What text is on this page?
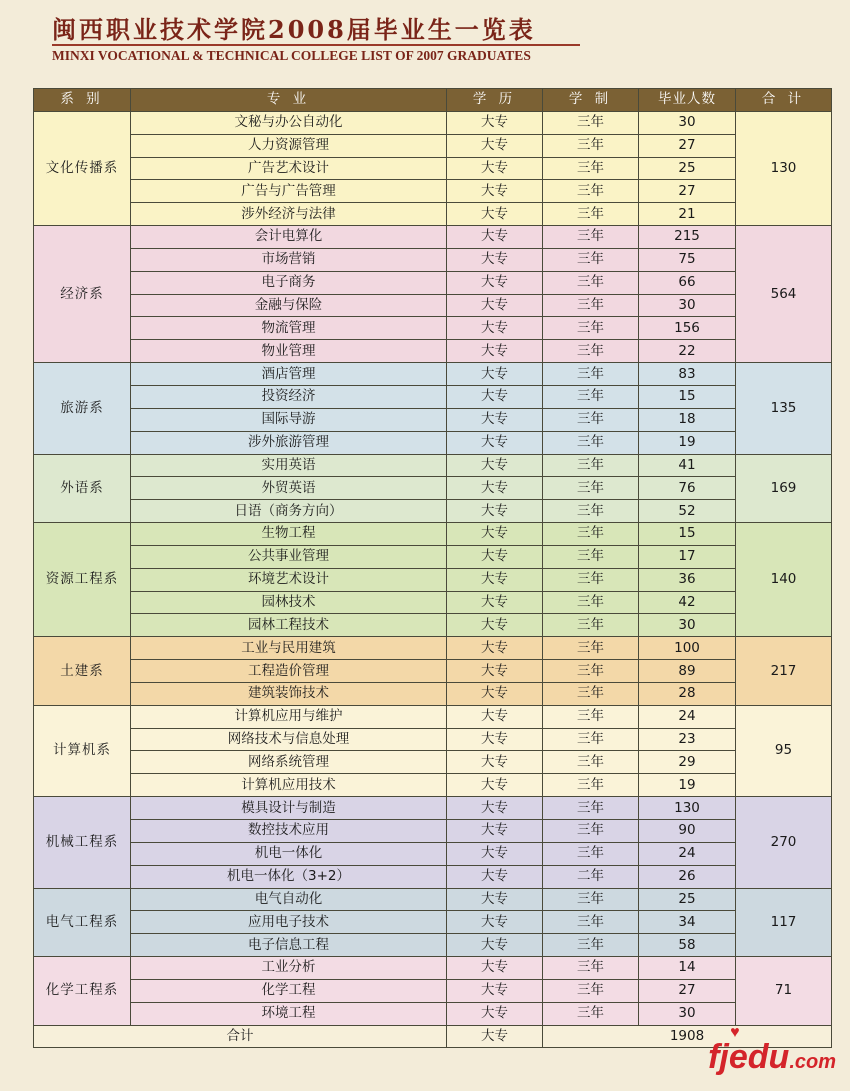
闽西职业技术学院2008届毕业生一览表
MINXI VOCATIONAL & TECHNICAL COLLEGE LIST OF 2007 GRADUATES
系 别	专 业	学 历	学 制	毕业人数	合 计
文化传播系	文秘与办公自动化	大专	三年	30	130
	人力资源管理	大专	三年	27	
	广告艺术设计	大专	三年	25	
	广告与广告管理	大专	三年	27	
	涉外经济与法律	大专	三年	21	
经济系	会计电算化	大专	三年	215	564
	市场营销	大专	三年	75	
	电子商务	大专	三年	66	
	金融与保险	大专	三年	30	
	物流管理	大专	三年	156	
	物业管理	大专	三年	22	
旅游系	酒店管理	大专	三年	83	135
	投资经济	大专	三年	15	
	国际导游	大专	三年	18	
	涉外旅游管理	大专	三年	19	
外语系	实用英语	大专	三年	41	169
	外贸英语	大专	三年	76	
	日语（商务方向）	大专	三年	52	
资源工程系	生物工程	大专	三年	15	140
	公共事业管理	大专	三年	17	
	环境艺术设计	大专	三年	36	
	园林技术	大专	三年	42	
	园林工程技术	大专	三年	30	
土建系	工业与民用建筑	大专	三年	100	217
	工程造价管理	大专	三年	89	
	建筑装饰技术	大专	三年	28	
计算机系	计算机应用与维护	大专	三年	24	95
	网络技术与信息处理	大专	三年	23	
	网络系统管理	大专	三年	29	
	计算机应用技术	大专	三年	19	
机械工程系	模具设计与制造	大专	三年	130	270
	数控技术应用	大专	三年	90	
	机电一体化	大专	三年	24	
	机电一体化（3+2）	大专	二年	26	
电气工程系	电气自动化	大专	三年	25	117
	应用电子技术	大专	三年	34	
	电子信息工程	大专	三年	58	
化学工程系	工业分析	大专	三年	14	71
	化学工程	大专	三年	27	
	环境工程	大专	三年	30	
合计		大专	1908		♥
fjedu.com
